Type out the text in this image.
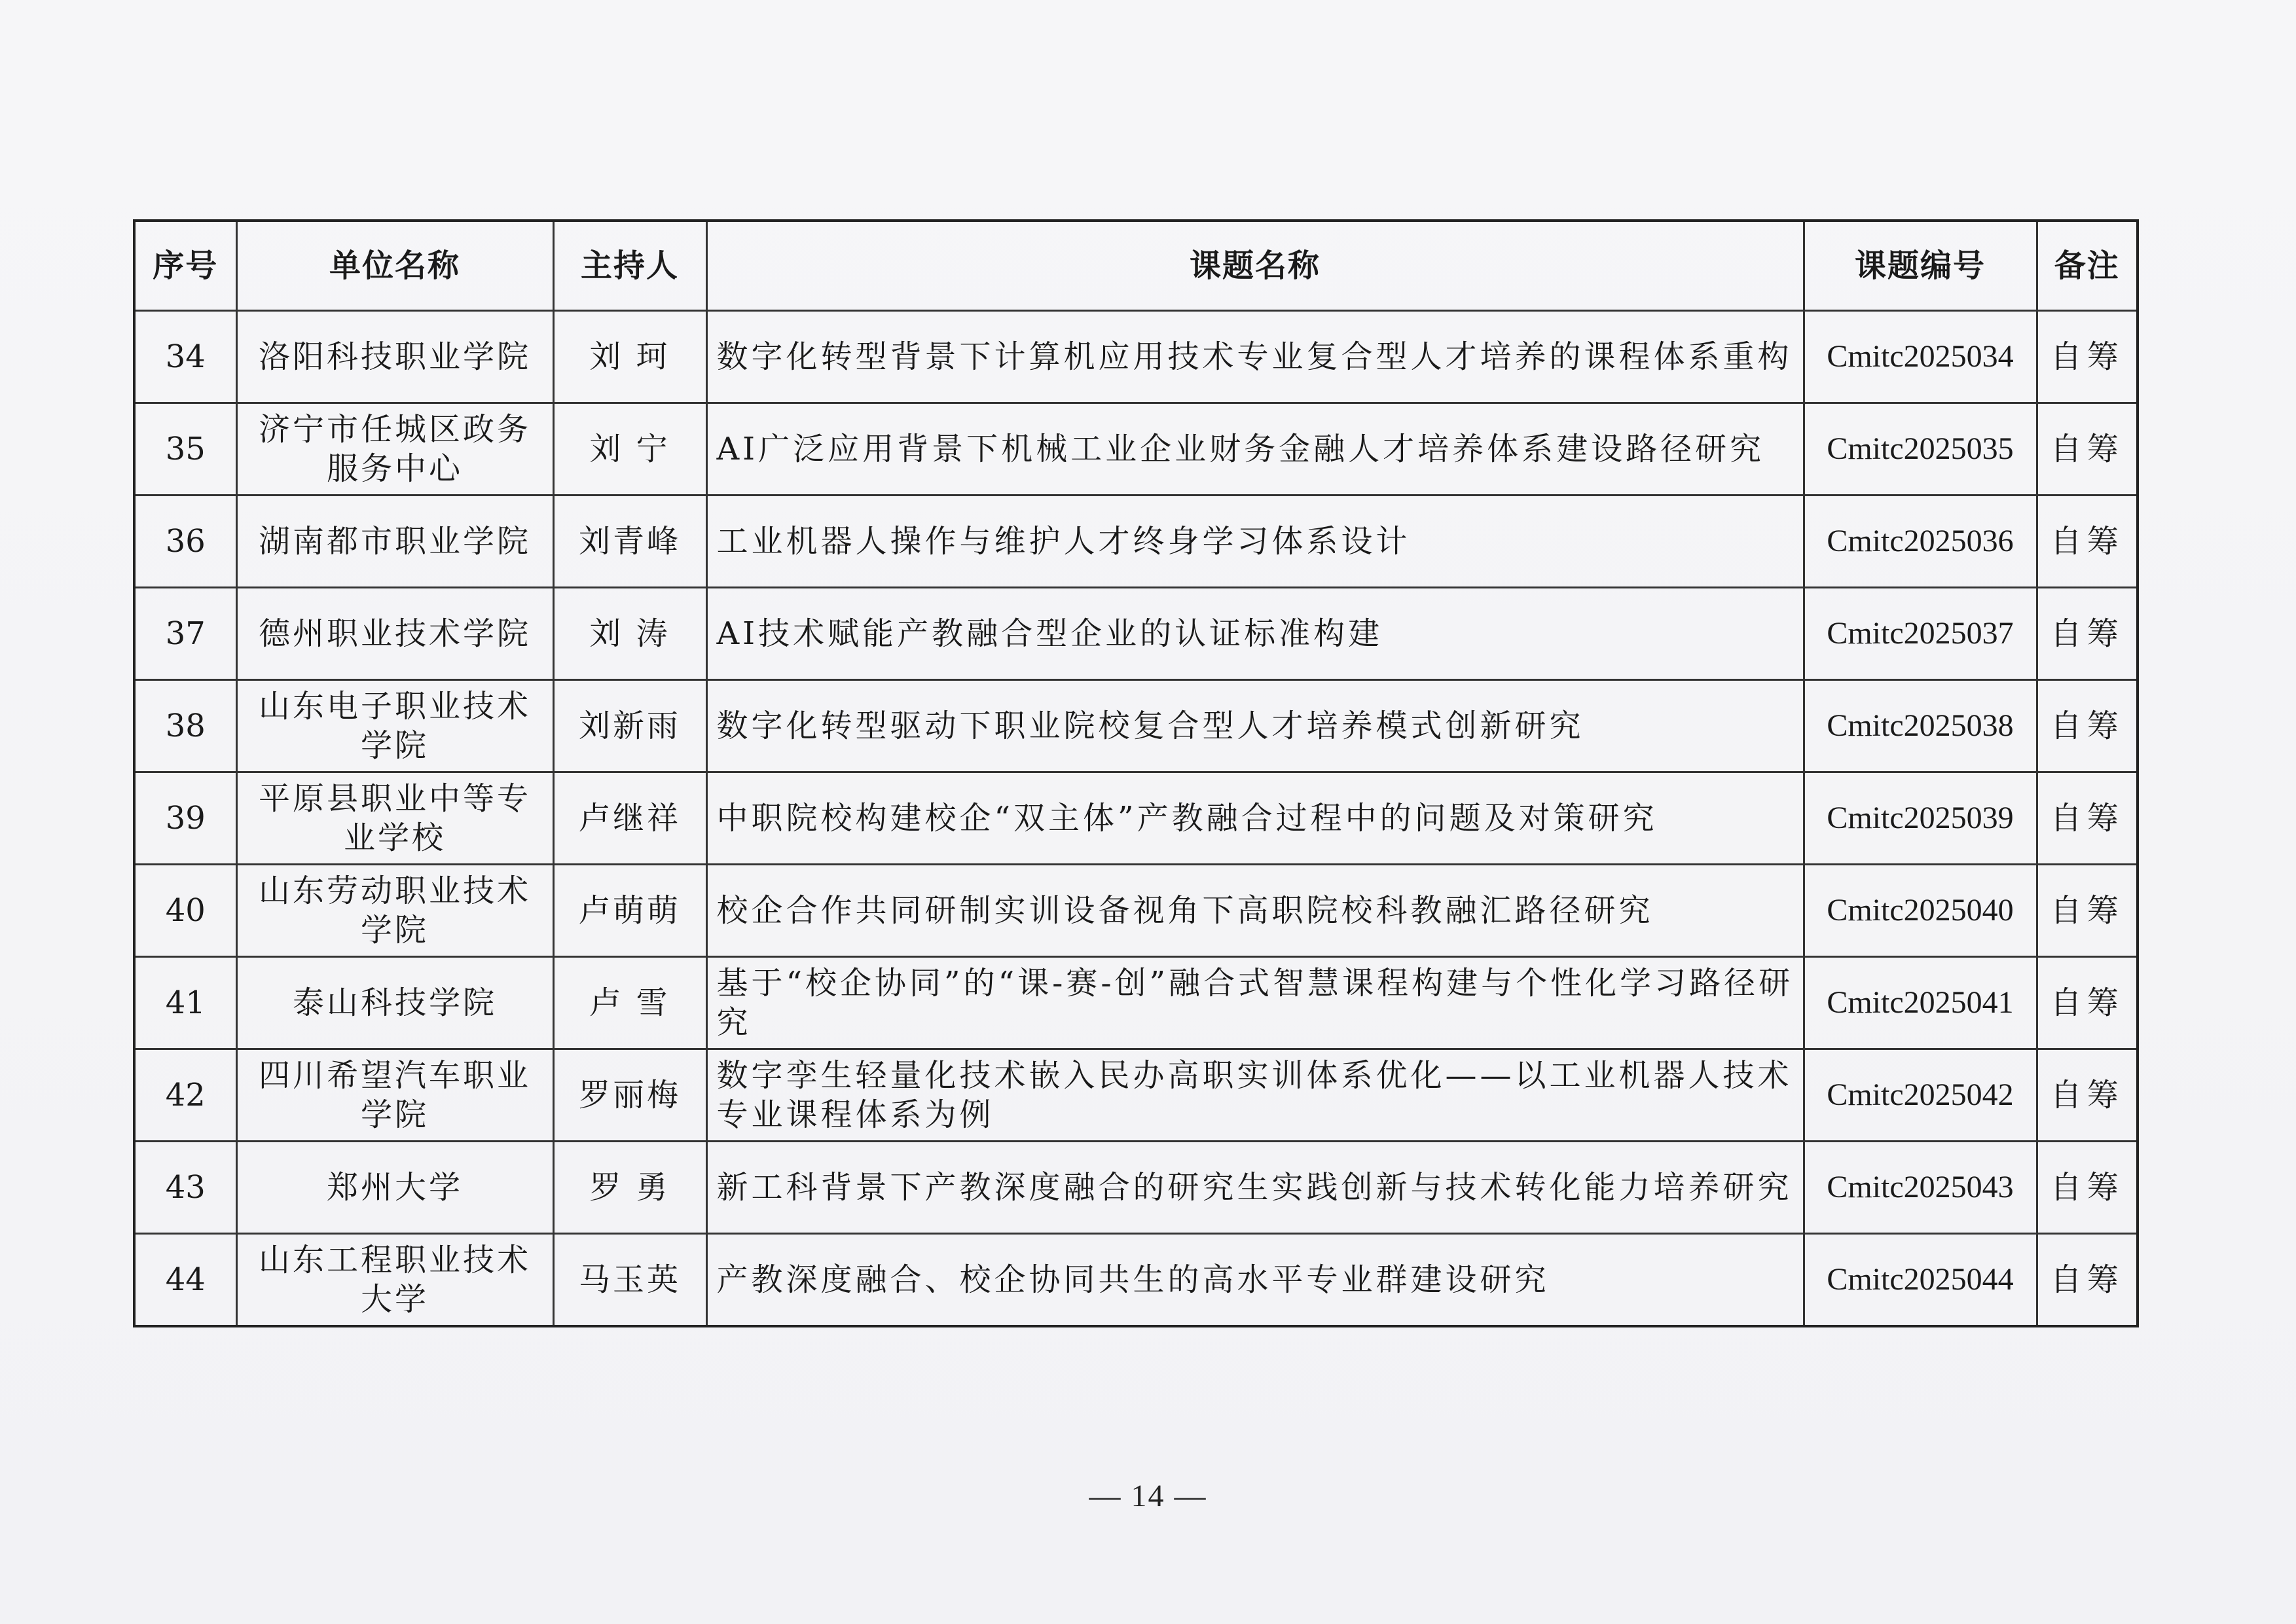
序号	单位名称	主持人	课题名称	课题编号	备注
34	洛阳科技职业学院	刘 珂	数字化转型背景下计算机应用技术专业复合型人才培养的课程体系重构	Cmitc2025034	自筹
35	济宁市任城区政务服务中心	刘 宁	AI广泛应用背景下机械工业企业财务金融人才培养体系建设路径研究	Cmitc2025035	自筹
36	湖南都市职业学院	刘青峰	工业机器人操作与维护人才终身学习体系设计	Cmitc2025036	自筹
37	德州职业技术学院	刘 涛	AI技术赋能产教融合型企业的认证标准构建	Cmitc2025037	自筹
38	山东电子职业技术学院	刘新雨	数字化转型驱动下职业院校复合型人才培养模式创新研究	Cmitc2025038	自筹
39	平原县职业中等专业学校	卢继祥	中职院校构建校企“双主体”产教融合过程中的问题及对策研究	Cmitc2025039	自筹
40	山东劳动职业技术学院	卢萌萌	校企合作共同研制实训设备视角下高职院校科教融汇路径研究	Cmitc2025040	自筹
41	泰山科技学院	卢 雪	基于“校企协同”的“课-赛-创”融合式智慧课程构建与个性化学习路径研究	Cmitc2025041	自筹
42	四川希望汽车职业学院	罗丽梅	数字孪生轻量化技术嵌入民办高职实训体系优化——以工业机器人技术专业课程体系为例	Cmitc2025042	自筹
43	郑州大学	罗 勇	新工科背景下产教深度融合的研究生实践创新与技术转化能力培养研究	Cmitc2025043	自筹
44	山东工程职业技术大学	马玉英	产教深度融合、校企协同共生的高水平专业群建设研究	Cmitc2025044	自筹
— 14 —
